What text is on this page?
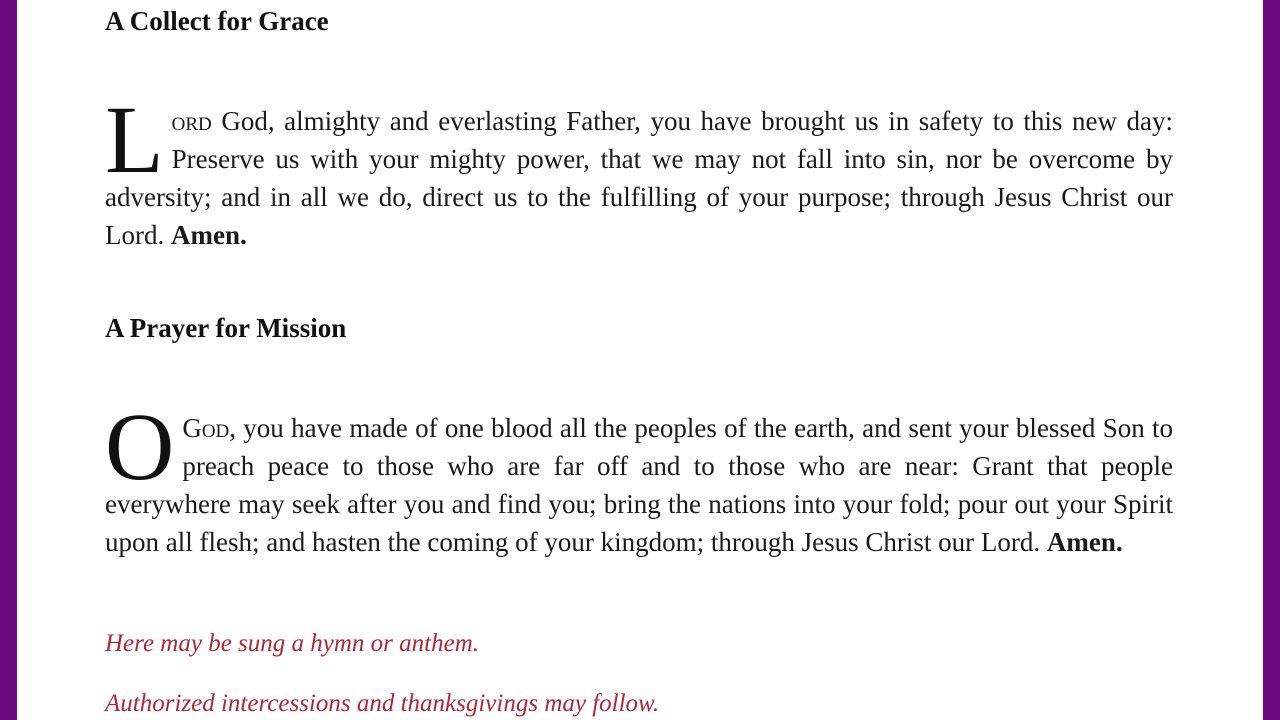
A Collect for Grace

Lord God, almighty and everlasting Father, you have brought us in safety to this new day: Preserve us with your mighty power, that we may not fall into sin, nor be overcome by adversity; and in all we do, direct us to the fulfilling of your purpose; through Jesus Christ our Lord. Amen.

A Prayer for Mission

O God, you have made of one blood all the peoples of the earth, and sent your blessed Son to preach peace to those who are far off and to those who are near: Grant that people everywhere may seek after you and find you; bring the nations into your fold; pour out your Spirit upon all flesh; and hasten the coming of your kingdom; through Jesus Christ our Lord. Amen.

Here may be sung a hymn or anthem.

Authorized intercessions and thanksgivings may follow.
